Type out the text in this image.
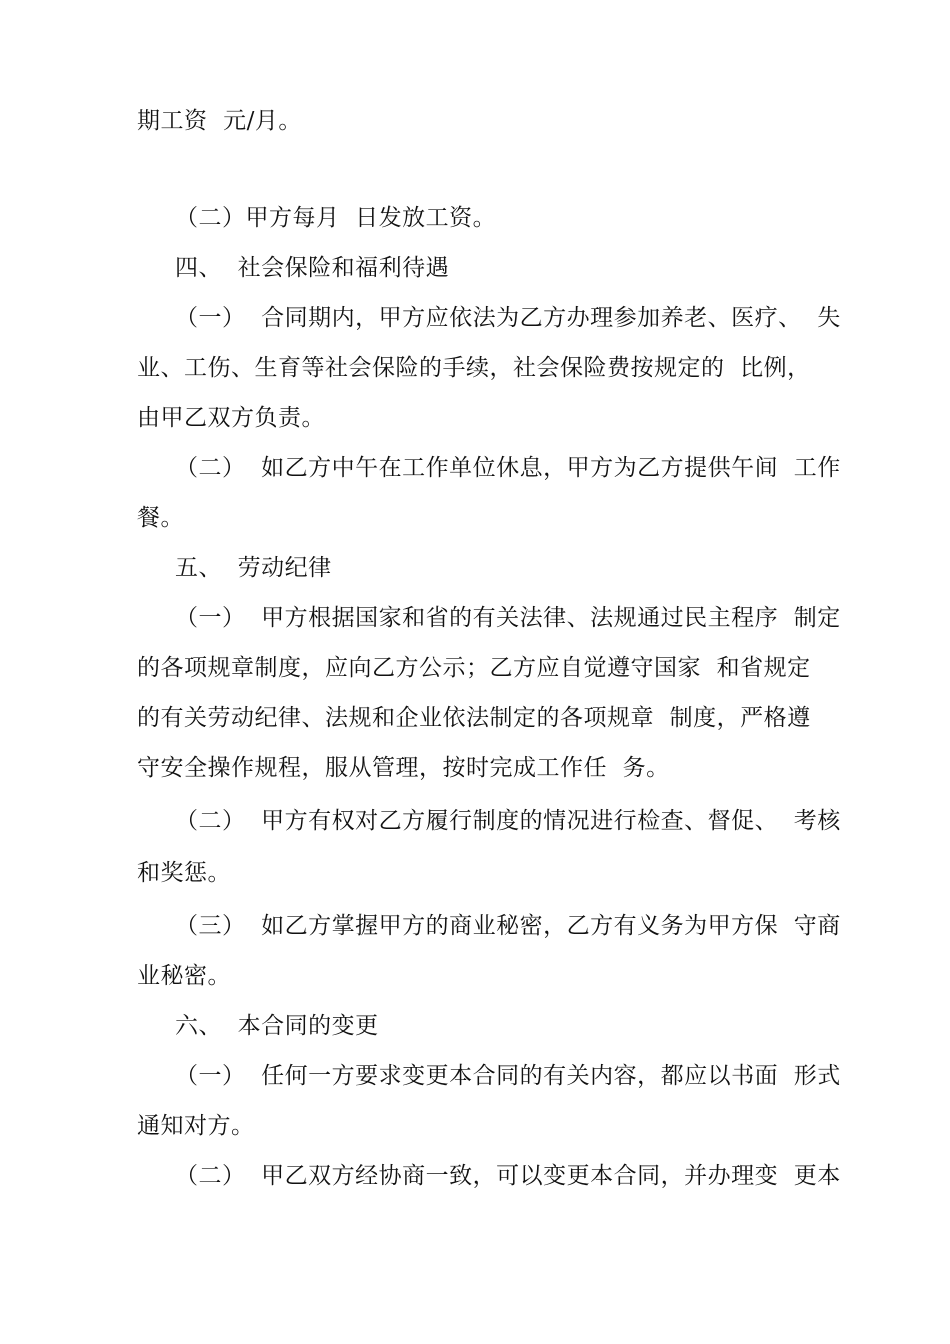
期工资  元/月。
（二）甲方每月  日发放工资。
四、  社会保险和福利待遇
（一）  合同期内，甲方应依法为乙方办理参加养老、医疗、  失
业、工伤、生育等社会保险的手续，社会保险费按规定的  比例，
由甲乙双方负责。
（二）  如乙方中午在工作单位休息，甲方为乙方提供午间  工作
餐。
五、  劳动纪律
（一）  甲方根据国家和省的有关法律、法规通过民主程序  制定
的各项规章制度，应向乙方公示；乙方应自觉遵守国家  和省规定
的有关劳动纪律、法规和企业依法制定的各项规章  制度，严格遵
守安全操作规程，服从管理，按时完成工作任  务。
（二）  甲方有权对乙方履行制度的情况进行检查、督促、  考核
和奖惩。
（三）  如乙方掌握甲方的商业秘密，乙方有义务为甲方保  守商
业秘密。
六、  本合同的变更
（一）  任何一方要求变更本合同的有关内容，都应以书面  形式
通知对方。
（二）  甲乙双方经协商一致，可以变更本合同，并办理变  更本
